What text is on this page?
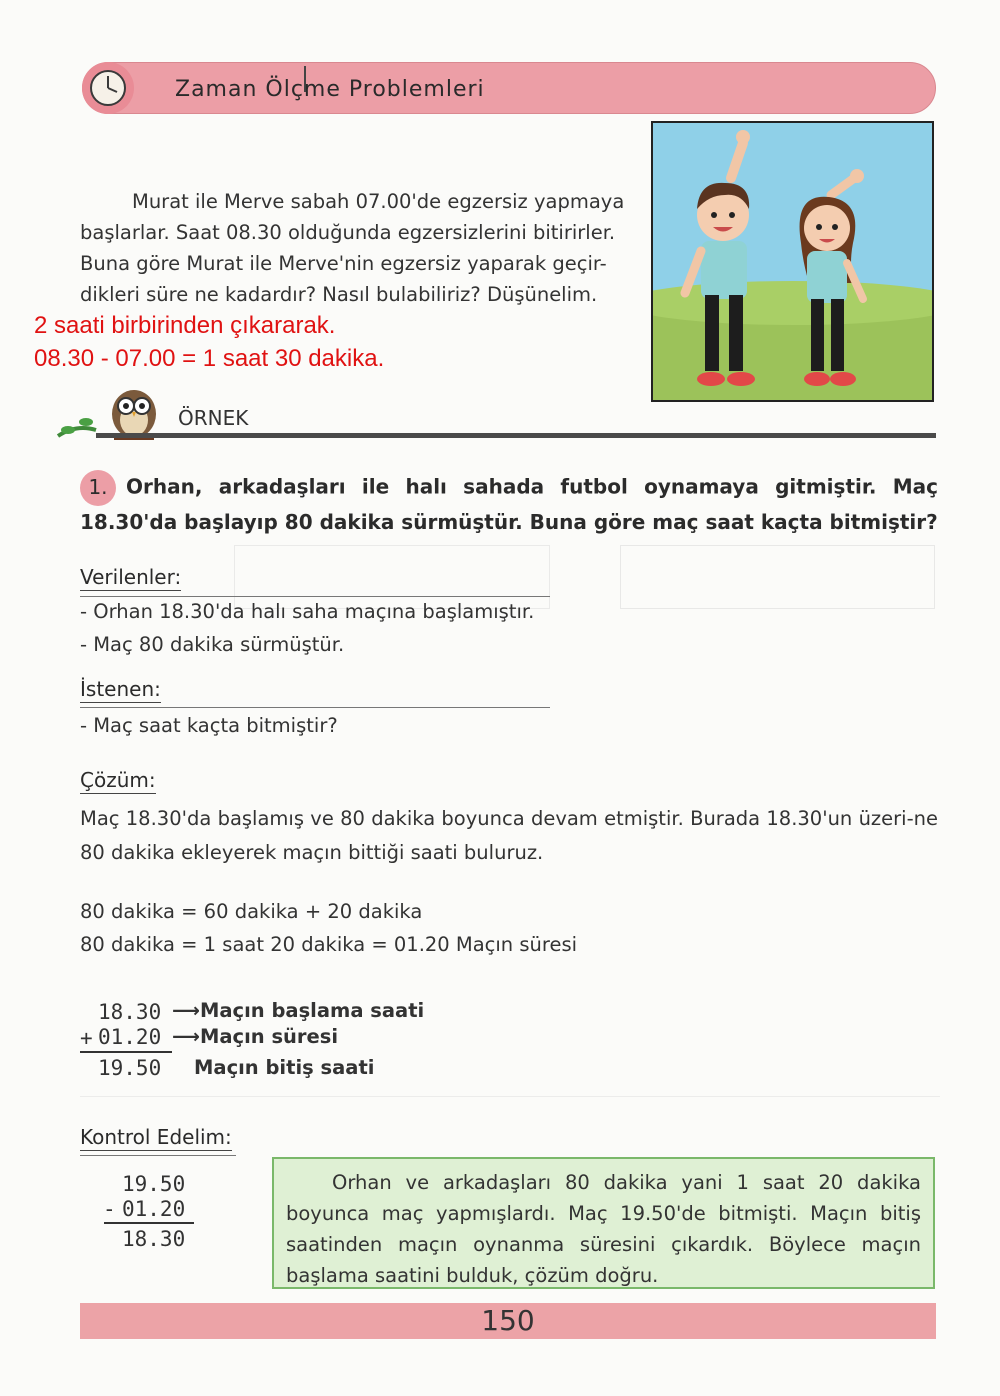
Zaman Ölçme Problemleri
Murat ile Merve sabah 07.00'de egzersiz yapmaya
başlarlar. Saat 08.30 olduğunda egzersizlerini bitirirler.
Buna göre Murat ile Merve'nin egzersiz yaparak geçir-
dikleri süre ne kadardır? Nasıl bulabiliriz? Düşünelim.
2 saati birbirinden çıkararak.
08.30 - 07.00 = 1 saat 30 dakika.
ÖRNEK
1. Orhan, arkadaşları ile halı sahada futbol oynamaya gitmiştir. Maç 18.30'da başlayıp 80 dakika sürmüştür. Buna göre maç saat kaçta bitmiştir?
Verilenler:
- Orhan 18.30'da halı saha maçına başlamıştır.
- Maç 80 dakika sürmüştür.
İstenen:
- Maç saat kaçta bitmiştir?
Çözüm:
Maç 18.30'da başlamış ve 80 dakika boyunca devam etmiştir. Burada 18.30'un üzeri-ne 80 dakika ekleyerek maçın bittiği saati buluruz.
80 dakika = 60 dakika + 20 dakika
80 dakika = 1 saat 20 dakika = 01.20 Maçın süresi
18.30 ⟶Maçın başlama saati
+ 01.20 ⟶Maçın süresi
19.50 Maçın bitiş saati
Kontrol Edelim:
19.50
- 01.20
18.30
Orhan ve arkadaşları 80 dakika yani 1 saat 20 dakika boyunca maç yapmışlardı. Maç 19.50'de bitmişti. Maçın bitiş saatinden maçın oynanma süresini çıkardık. Böylece maçın başlama saatini bulduk, çözüm doğru.
150
